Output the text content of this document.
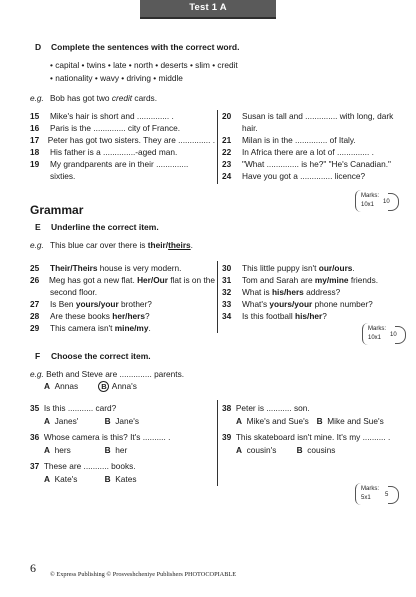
Test 1 A
D Complete the sentences with the correct word.
• capital • twins • late • north • deserts • slim • credit
• nationality • wavy • driving • middle
e.g. Bob has got two credit cards.
15	Mike's hair is short and .............. .
16	Paris is the .............. city of France.
17	Peter has got two sisters. They are .............. .
18	His father is a ..............-aged man.
19	My grandparents are in their ..............
sixties.
20	Susan is tall and .............. with long, dark
hair.
21	Milan is in the .............. of Italy.
22	In Africa there are a lot of .............. .
23	"What .............. is he?" "He's Canadian."
24	Have you got a .............. licence?
Marks:
10x1 10
Grammar
E Underline the correct item.
e.g. This blue car over there is their/theirs.
25	Their/Theirs house is very modern.
26	Meg has got a new flat. Her/Our flat is on the
second floor.
27	Is Ben yours/your brother?
28	Are these books her/hers?
29	This camera isn't mine/my.
30	This little puppy isn't our/ours.
31	Tom and Sarah are my/mine friends.
32	What is his/hers address?
33	What's yours/your phone number?
34	Is this football his/her?
Marks:
10x1 10
F Choose the correct item.
e.g. Beth and Steve are .............. parents.
A Annas	B Anna's
35 Is this ........... card?
A Janes'	B Jane's
36 Whose camera is this? It's .......... .
A hers	B her
37 These are ........... books.
A Kate's	B Kates
38 Peter is ........... son.
A Mike's and Sue's B Mike and Sue's
39 This skateboard isn't mine. It's my .......... .
A cousin's B cousins
Marks:
5x1 5
6 © Express Publishing © Prosveshcheniye Publishers PHOTOCOPIABLE
